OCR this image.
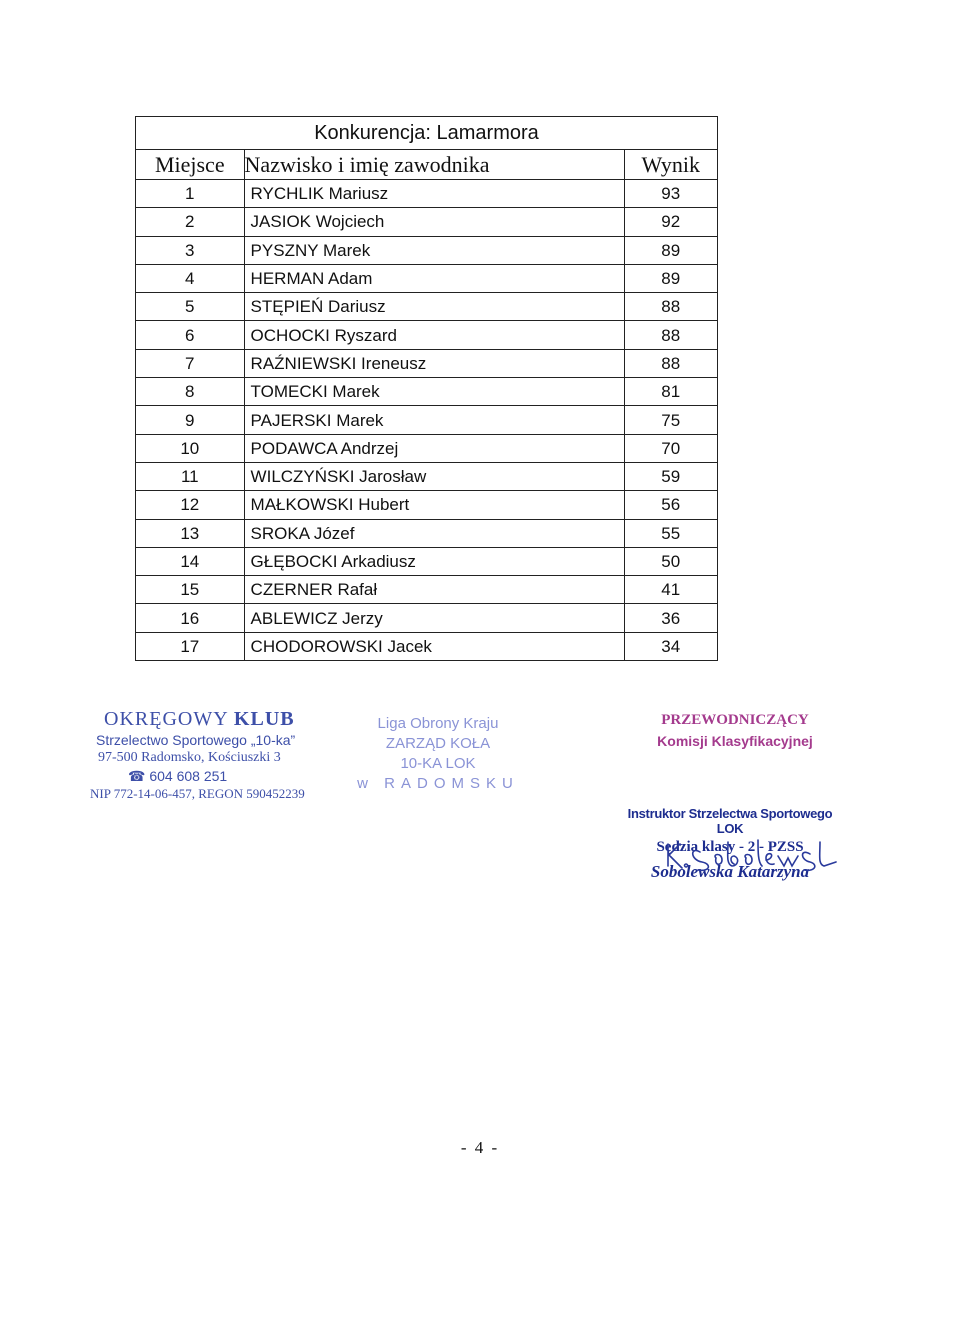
Konkurencja: Lamarmora		
Miejsce	Nazwisko i imię zawodnika	Wynik
1	RYCHLIK Mariusz	93
2	JASIOK Wojciech	92
3	PYSZNY Marek	89
4	HERMAN Adam	89
5	STĘPIEŃ Dariusz	88
6	OCHOCKI Ryszard	88
7	RAŹNIEWSKI Ireneusz	88
8	TOMECKI Marek	81
9	PAJERSKI Marek	75
10	PODAWCA Andrzej	70
11	WILCZYŃSKI Jarosław	59
12	MAŁKOWSKI Hubert	56
13	SROKA Józef	55
14	GŁĘBOCKI Arkadiusz	50
15	CZERNER Rafał	41
16	ABLEWICZ Jerzy	36
17	CHODOROWSKI Jacek	34
OKRĘGOWY KLUB
Strzelectwo Sportowego „10-ka”
97-500 Radomsko, Kościuszki 3
☎ 604 608 251
NIP 772-14-06-457, REGON 590452239
Liga Obrony Kraju
ZARZĄD KOŁA
10-KA LOK
w RADOMSKU
PRZEWODNICZĄCY
Komisji Klasyfikacyjnej
Instruktor Strzelectwa Sportowego LOK
Sędzia klasy - 2 - PZSS
Sobolewska Katarzyna
- 4 -
